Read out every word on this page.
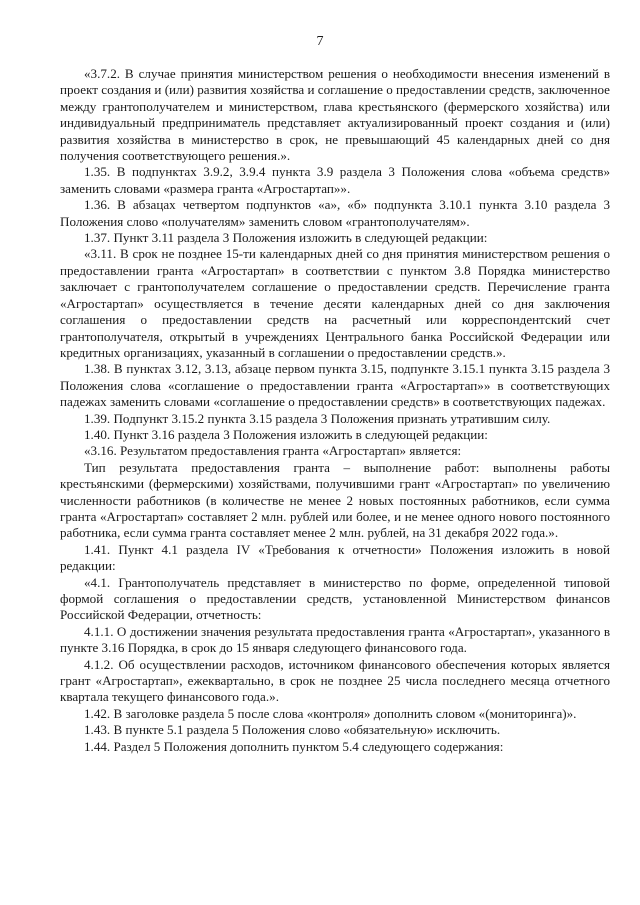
7

«3.7.2. В случае принятия министерством решения о необходимости внесения изменений в проект создания и (или) развития хозяйства и соглашение о предоставлении средств, заключенное между грантополучателем и министерством, глава крестьянского (фермерского хозяйства) или индивидуальный предприниматель представляет актуализированный проект создания и (или) развития хозяйства в министерство в срок, не превышающий 45 календарных дней со дня получения соответствующего решения.».

1.35. В подпунктах 3.9.2, 3.9.4 пункта 3.9 раздела 3 Положения слова «объема средств» заменить словами «размера гранта «Агростартап»».

1.36. В абзацах четвертом подпунктов «а», «б» подпункта 3.10.1 пункта 3.10 раздела 3 Положения слово «получателям» заменить словом «грантополучателям».

1.37. Пункт 3.11 раздела 3 Положения изложить в следующей редакции:

«3.11. В срок не позднее 15-ти календарных дней со дня принятия министерством решения о предоставлении гранта «Агростартап» в соответствии с пунктом 3.8 Порядка министерство заключает с грантополучателем соглашение о предоставлении средств. Перечисление гранта «Агростартап» осуществляется в течение десяти календарных дней со дня заключения соглашения о предоставлении средств на расчетный или корреспондентский счет грантополучателя, открытый в учреждениях Центрального банка Российской Федерации или кредитных организациях, указанный в соглашении о предоставлении средств.».

1.38. В пунктах 3.12, 3.13, абзаце первом пункта 3.15, подпункте 3.15.1 пункта 3.15 раздела 3 Положения слова «соглашение о предоставлении гранта «Агростартап»» в соответствующих падежах заменить словами «соглашение о предоставлении средств» в соответствующих падежах.

1.39. Подпункт 3.15.2 пункта 3.15 раздела 3 Положения признать утратившим силу.

1.40. Пункт 3.16 раздела 3 Положения изложить в следующей редакции:

«3.16. Результатом предоставления гранта «Агростартап» является:

Тип результата предоставления гранта – выполнение работ: выполнены работы крестьянскими (фермерскими) хозяйствами, получившими грант «Агростартап» по увеличению численности работников (в количестве не менее 2 новых постоянных работников, если сумма гранта «Агростартап» составляет 2 млн. рублей или более, и не менее одного нового постоянного работника, если сумма гранта составляет менее 2 млн. рублей, на 31 декабря 2022 года.».

1.41. Пункт 4.1 раздела IV «Требования к отчетности» Положения изложить в новой редакции:

«4.1. Грантополучатель представляет в министерство по форме, определенной типовой формой соглашения о предоставлении средств, установленной Министерством финансов Российской Федерации, отчетность:

4.1.1. О достижении значения результата предоставления гранта «Агростартап», указанного в пункте 3.16 Порядка, в срок до 15 января следующего финансового года.

4.1.2. Об осуществлении расходов, источником финансового обеспечения которых является грант «Агростартап», ежеквартально, в срок не позднее 25 числа последнего месяца отчетного квартала текущего финансового года.».

1.42. В заголовке раздела 5 после слова «контроля» дополнить словом «(мониторинга)».

1.43. В пункте 5.1 раздела 5 Положения слово «обязательную» исключить.

1.44. Раздел 5 Положения дополнить пунктом 5.4 следующего содержания:
